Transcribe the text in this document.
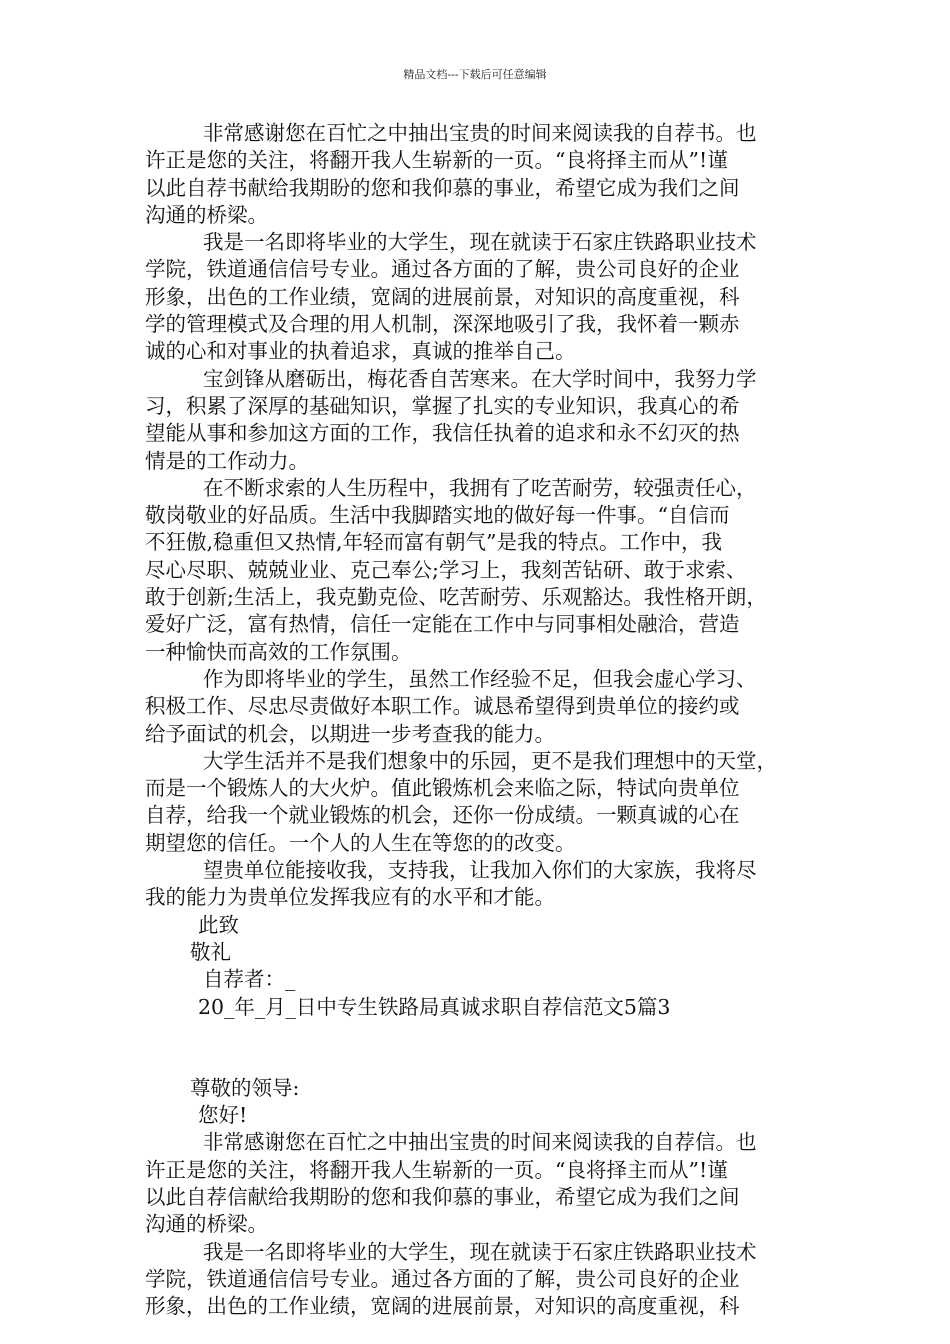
精品文档---下载后可任意编辑
非常感谢您在百忙之中抽出宝贵的时间来阅读我的自荐书。也
许正是您的关注，将翻开我人生崭新的一页。“良将择主而从”!谨
以此自荐书献给我期盼的您和我仰慕的事业，希望它成为我们之间
沟通的桥梁。
我是一名即将毕业的大学生，现在就读于石家庄铁路职业技术
学院，铁道通信信号专业。通过各方面的了解，贵公司良好的企业
形象，出色的工作业绩，宽阔的进展前景，对知识的高度重视，科
学的管理模式及合理的用人机制，深深地吸引了我，我怀着一颗赤
诚的心和对事业的执着追求，真诚的推举自己。
宝剑锋从磨砺出，梅花香自苦寒来。在大学时间中，我努力学
习，积累了深厚的基础知识，掌握了扎实的专业知识，我真心的希
望能从事和参加这方面的工作，我信任执着的追求和永不幻灭的热
情是的工作动力。
在不断求索的人生历程中，我拥有了吃苦耐劳，较强责任心，
敬岗敬业的好品质。生活中我脚踏实地的做好每一件事。“自信而
不狂傲,稳重但又热情,年轻而富有朝气”是我的特点。工作中，我
尽心尽职、兢兢业业、克己奉公;学习上，我刻苦钻研、敢于求索、
敢于创新;生活上，我克勤克俭、吃苦耐劳、乐观豁达。我性格开朗，
爱好广泛，富有热情，信任一定能在工作中与同事相处融洽，营造
一种愉快而高效的工作氛围。
作为即将毕业的学生，虽然工作经验不足，但我会虚心学习、
积极工作、尽忠尽责做好本职工作。诚恳希望得到贵单位的接约或
给予面试的机会，以期进一步考查我的能力。
大学生活并不是我们想象中的乐园，更不是我们理想中的天堂，
而是一个锻炼人的大火炉。值此锻炼机会来临之际，特试向贵单位
自荐，给我一个就业锻炼的机会，还你一份成绩。一颗真诚的心在
期望您的信任。一个人的人生在等您的的改变。
望贵单位能接收我，支持我，让我加入你们的大家族，我将尽
我的能力为贵单位发挥我应有的水平和才能。
此致
敬礼
自荐者：_
20_年_月_日中专生铁路局真诚求职自荐信范文5篇3
尊敬的领导:
您好!
非常感谢您在百忙之中抽出宝贵的时间来阅读我的自荐信。也
许正是您的关注，将翻开我人生崭新的一页。“良将择主而从”!谨
以此自荐信献给我期盼的您和我仰慕的事业，希望它成为我们之间
沟通的桥梁。
我是一名即将毕业的大学生，现在就读于石家庄铁路职业技术
学院，铁道通信信号专业。通过各方面的了解，贵公司良好的企业
形象，出色的工作业绩，宽阔的进展前景，对知识的高度重视，科
